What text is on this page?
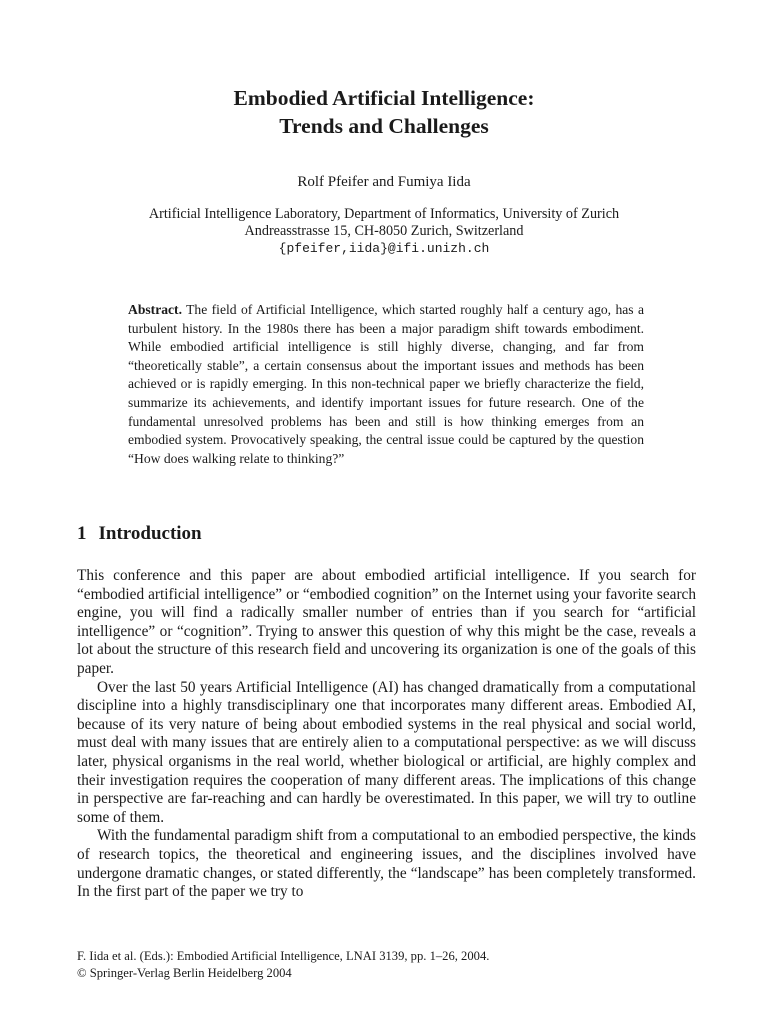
Embodied Artificial Intelligence:

Trends and Challenges

Rolf Pfeifer and Fumiya Iida
Artificial Intelligence Laboratory, Department of Informatics, University of Zurich
Andreasstrasse 15, CH-8050 Zurich, Switzerland
{pfeifer,iida}@ifi.unizh.ch
Abstract. The field of Artificial Intelligence, which started roughly half a century ago, has a turbulent history. In the 1980s there has been a major paradigm shift towards embodiment. While embodied artificial intelligence is still highly diverse, changing, and far from “theoretically stable”, a certain consensus about the important issues and methods has been achieved or is rapidly emerging. In this non-technical paper we briefly characterize the field, summarize its achievements, and identify important issues for future research. One of the fundamental unresolved problems has been and still is how thinking emerges from an embodied system. Provocatively speaking, the central issue could be captured by the question “How does walking relate to thinking?”
1 Introduction

This conference and this paper are about embodied artificial intelligence. If you search for “embodied artificial intelligence” or “embodied cognition” on the Internet using your favorite search engine, you will find a radically smaller number of entries than if you search for “artificial intelligence” or “cognition”. Trying to answer this question of why this might be the case, reveals a lot about the structure of this research field and uncovering its organization is one of the goals of this paper.

Over the last 50 years Artificial Intelligence (AI) has changed dramatically from a computational discipline into a highly transdisciplinary one that incorporates many different areas. Embodied AI, because of its very nature of being about embodied systems in the real physical and social world, must deal with many issues that are entirely alien to a computational perspective: as we will discuss later, physical organisms in the real world, whether biological or artificial, are highly complex and their investigation requires the cooperation of many different areas. The implications of this change in perspective are far-reaching and can hardly be overestimated. In this paper, we will try to outline some of them.

With the fundamental paradigm shift from a computational to an embodied perspective, the kinds of research topics, the theoretical and engineering issues, and the disciplines involved have undergone dramatic changes, or stated differently, the “landscape” has been completely transformed. In the first part of the paper we try to

F. Iida et al. (Eds.): Embodied Artificial Intelligence, LNAI 3139, pp. 1–26, 2004.
© Springer-Verlag Berlin Heidelberg 2004
